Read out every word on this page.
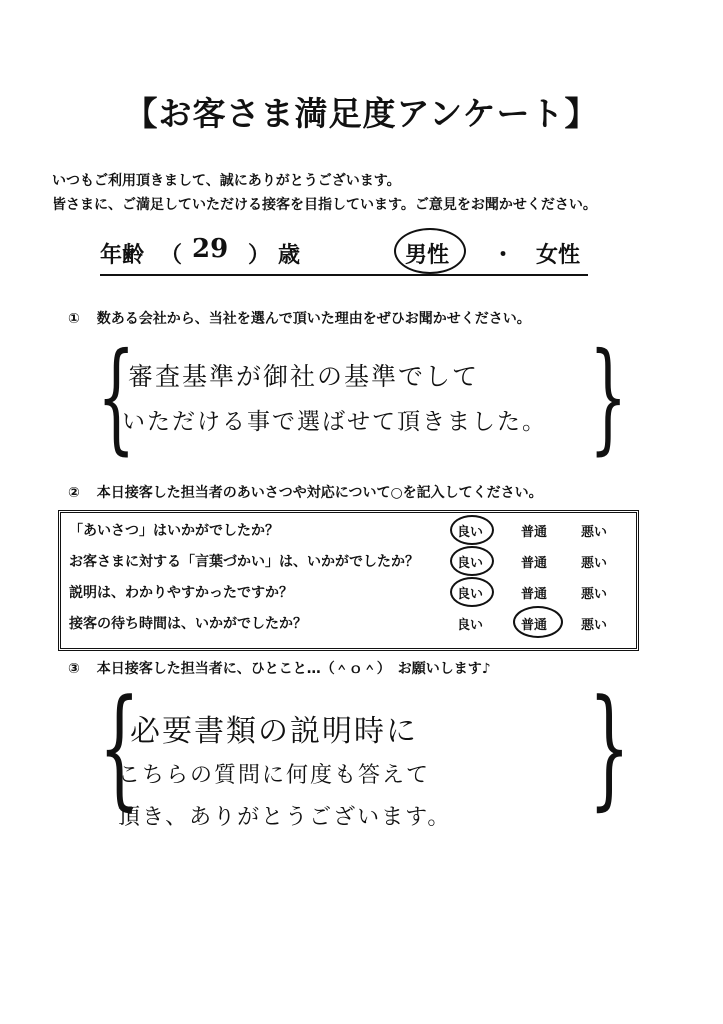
【お客さま満足度アンケート】
いつもご利用頂きまして、誠にありがとうございます。
皆さまに、ご満足していただける接客を目指しています。ご意見をお聞かせください。
年齢 （ 29 ） 歳	男性 ・ 女性
① 数ある会社から、当社を選んで頂いた理由をぜひお聞かせください。
{	}
審査基準が御社の基準でして
いただける事で選ばせて頂きました。
② 本日接客した担当者のあいさつや対応について○を記入してください。
「あいさつ」はいかがでしたか？	良い	普通	悪い
お客さまに対する「言葉づかい」は、いかがでしたか？	良い	普通	悪い
説明は、わかりやすかったですか？	良い	普通	悪い
接客の待ち時間は、いかがでしたか？	良い	普通	悪い
③ 本日接客した担当者に、ひとこと…（＾ｏ＾）　お願いします♪
{	}
必要書類の説明時に
こちらの質問に何度も答えて
頂き、ありがとうございます。
